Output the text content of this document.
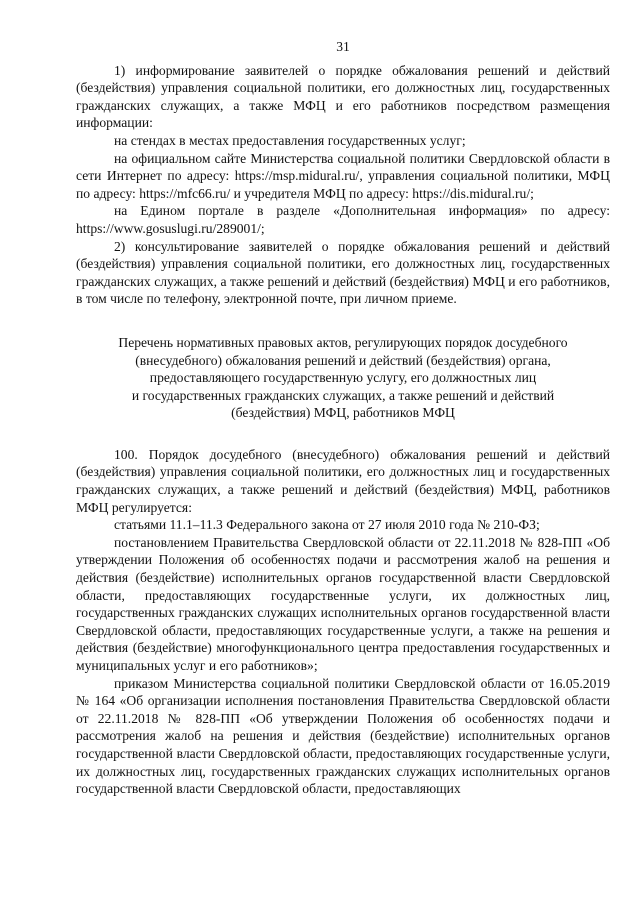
31

1) информирование заявителей о порядке обжалования решений и действий (бездействия) управления социальной политики, его должностных лиц, государственных гражданских служащих, а также МФЦ и его работников посредством размещения информации:

на стендах в местах предоставления государственных услуг;

на официальном сайте Министерства социальной политики Свердловской области в сети Интернет по адресу: https://msp.midural.ru/, управления социальной политики, МФЦ по адресу: https://mfc66.ru/ и учредителя МФЦ по адресу: https://dis.midural.ru/;

на Едином портале в разделе «Дополнительная информация» по адресу: https://www.gosuslugi.ru/289001/;

2) консультирование заявителей о порядке обжалования решений и действий (бездействия) управления социальной политики, его должностных лиц, государственных гражданских служащих, а также решений и действий (бездействия) МФЦ и его работников, в том числе по телефону, электронной почте, при личном приеме.

Перечень нормативных правовых актов, регулирующих порядок досудебного
(внесудебного) обжалования решений и действий (бездействия) органа,
предоставляющего государственную услугу, его должностных лиц
и государственных гражданских служащих, а также решений и действий
(бездействия) МФЦ, работников МФЦ

100. Порядок досудебного (внесудебного) обжалования решений и действий (бездействия) управления социальной политики, его должностных лиц и государственных гражданских служащих, а также решений и действий (бездействия) МФЦ, работников МФЦ регулируется:

статьями 11.1–11.3 Федерального закона от 27 июля 2010 года № 210-ФЗ;

постановлением Правительства Свердловской области от 22.11.2018 № 828-ПП «Об утверждении Положения об особенностях подачи и рассмотрения жалоб на решения и действия (бездействие) исполнительных органов государственной власти Свердловской области, предоставляющих государственные услуги, их должностных лиц, государственных гражданских служащих исполнительных органов государственной власти Свердловской области, предоставляющих государственные услуги, а также на решения и действия (бездействие) многофункционального центра предоставления государственных и муниципальных услуг и его работников»;

приказом Министерства социальной политики Свердловской области от 16.05.2019 № 164 «Об организации исполнения постановления Правительства Свердловской области от 22.11.2018 № 828-ПП «Об утверждении Положения об особенностях подачи и рассмотрения жалоб на решения и действия (бездействие) исполнительных органов государственной власти Свердловской области, предоставляющих государственные услуги, их должностных лиц, государственных гражданских служащих исполнительных органов государственной власти Свердловской области, предоставляющих
